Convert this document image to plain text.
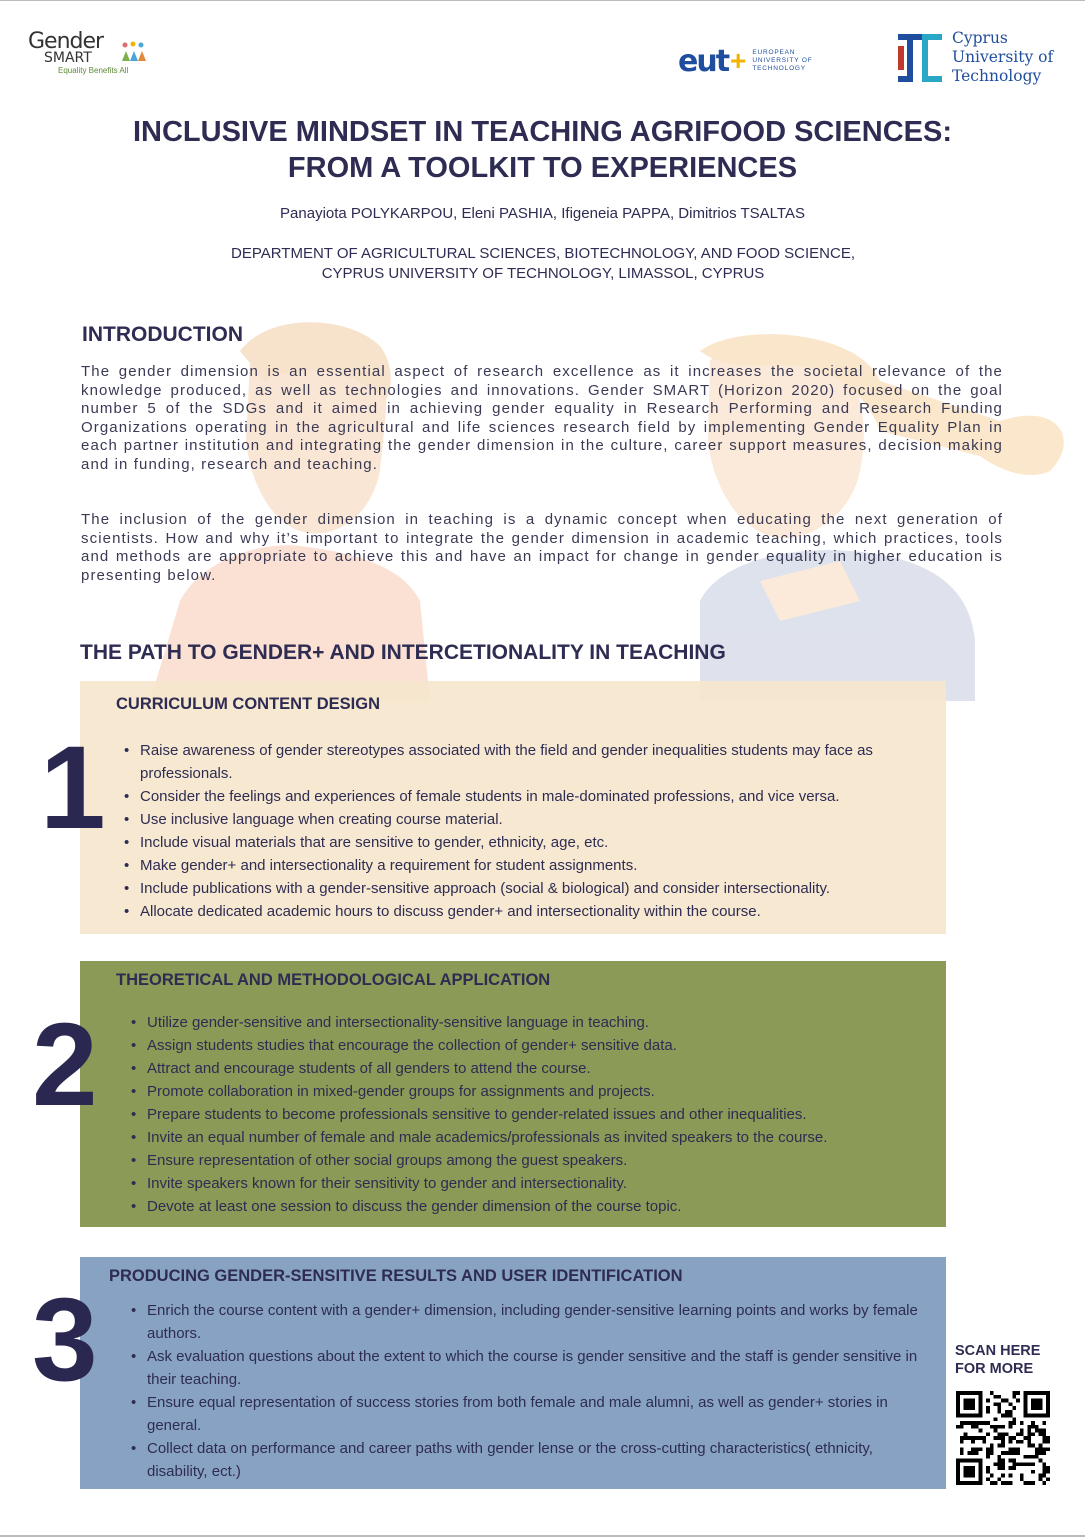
Gender
SMART
Equality Benefits All	eut + EUROPEAN
UNIVERSITY OF
TECHNOLOGY
Cyprus
University of
Technology
INCLUSIVE MINDSET IN TEACHING AGRIFOOD SCIENCES:
FROM A TOOLKIT TO EXPERIENCES
Panayiota POLYKARPOU, Eleni PASHIA, Ifigeneia PAPPA, Dimitrios TSALTAS
DEPARTMENT OF AGRICULTURAL SCIENCES, BIOTECHNOLOGY, AND FOOD SCIENCE,
CYPRUS UNIVERSITY OF TECHNOLOGY, LIMASSOL, CYPRUS
INTRODUCTION
The gender dimension is an essential aspect of research excellence as it increases the societal relevance of the knowledge produced, as well as technologies and innovations. Gender SMART (Horizon 2020) focused on the goal number 5 of the SDGs and it aimed in achieving gender equality in Research Performing and Research Funding Organizations operating in the agricultural and life sciences research field by implementing Gender Equality Plan in each partner institution and integrating the gender dimension in the culture, career support measures, decision making and in funding, research and teaching.
The inclusion of the gender dimension in teaching is a dynamic concept when educating the next generation of scientists. How and why it’s important to integrate the gender dimension in academic teaching, which practices, tools and methods are appropriate to achieve this and have an impact for change in gender equality in higher education is presenting below.
THE PATH TO GENDER+ AND INTERCETIONALITY IN TEACHING
CURRICULUM CONTENT DESIGN
• Raise awareness of gender stereotypes associated with the field and gender inequalities students may face as professionals.
• Consider the feelings and experiences of female students in male-dominated professions, and vice versa.
• Use inclusive language when creating course material.
• Include visual materials that are sensitive to gender, ethnicity, age, etc.
• Make gender+ and intersectionality a requirement for student assignments.
• Include publications with a gender-sensitive approach (social & biological) and consider intersectionality.
• Allocate dedicated academic hours to discuss gender+ and intersectionality within the course.
1
THEORETICAL AND METHODOLOGICAL APPLICATION
• Utilize gender-sensitive and intersectionality-sensitive language in teaching.
• Assign students studies that encourage the collection of gender+ sensitive data.
• Attract and encourage students of all genders to attend the course.
• Promote collaboration in mixed-gender groups for assignments and projects.
• Prepare students to become professionals sensitive to gender-related issues and other inequalities.
• Invite an equal number of female and male academics/professionals as invited speakers to the course.
• Ensure representation of other social groups among the guest speakers.
• Invite speakers known for their sensitivity to gender and intersectionality.
• Devote at least one session to discuss the gender dimension of the course topic.
2
PRODUCING GENDER-SENSITIVE RESULTS AND USER IDENTIFICATION
• Enrich the course content with a gender+ dimension, including gender-sensitive learning points and works by female authors.
• Ask evaluation questions about the extent to which the course is gender sensitive and the staff is gender sensitive in their teaching.
• Ensure equal representation of success stories from both female and male alumni, as well as gender+ stories in general.
• Collect data on performance and career paths with gender lense or the cross-cutting characteristics( ethnicity, disability, ect.)
3	SCAN HERE
FOR MORE
